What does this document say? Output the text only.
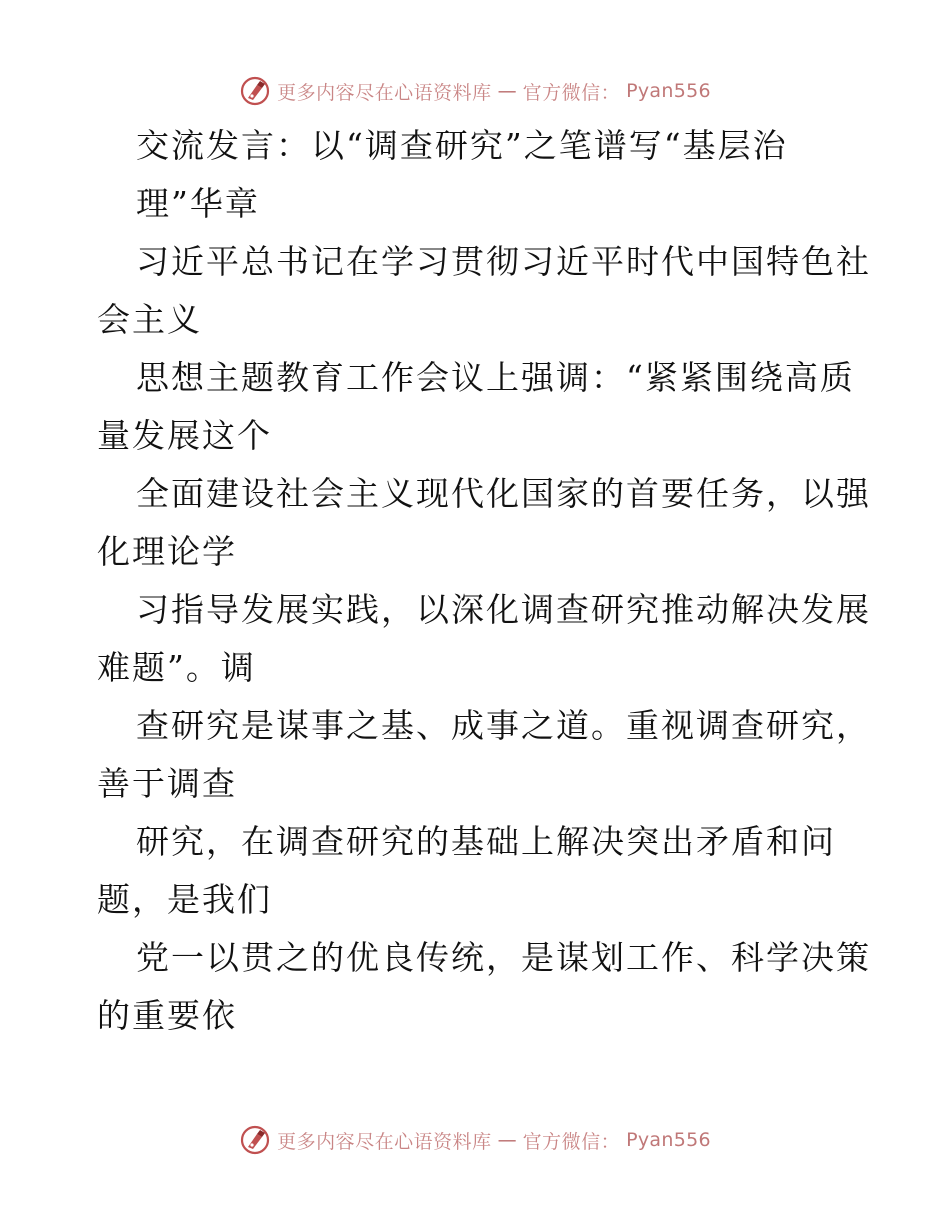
更多内容尽在心语资料库 — 官方微信： Pyan556
交流发言：以“调查研究”之笔谱写“基层治
理”华章
习近平总书记在学习贯彻习近平时代中国特色社
会主义
思想主题教育工作会议上强调：“紧紧围绕高质
量发展这个
全面建设社会主义现代化国家的首要任务，以强
化理论学
习指导发展实践，以深化调查研究推动解决发展
难题”。调
查研究是谋事之基、成事之道。重视调查研究，
善于调查
研究，在调查研究的基础上解决突出矛盾和问
题，是我们
党一以贯之的优良传统，是谋划工作、科学决策
的重要依
更多内容尽在心语资料库 — 官方微信： Pyan556
